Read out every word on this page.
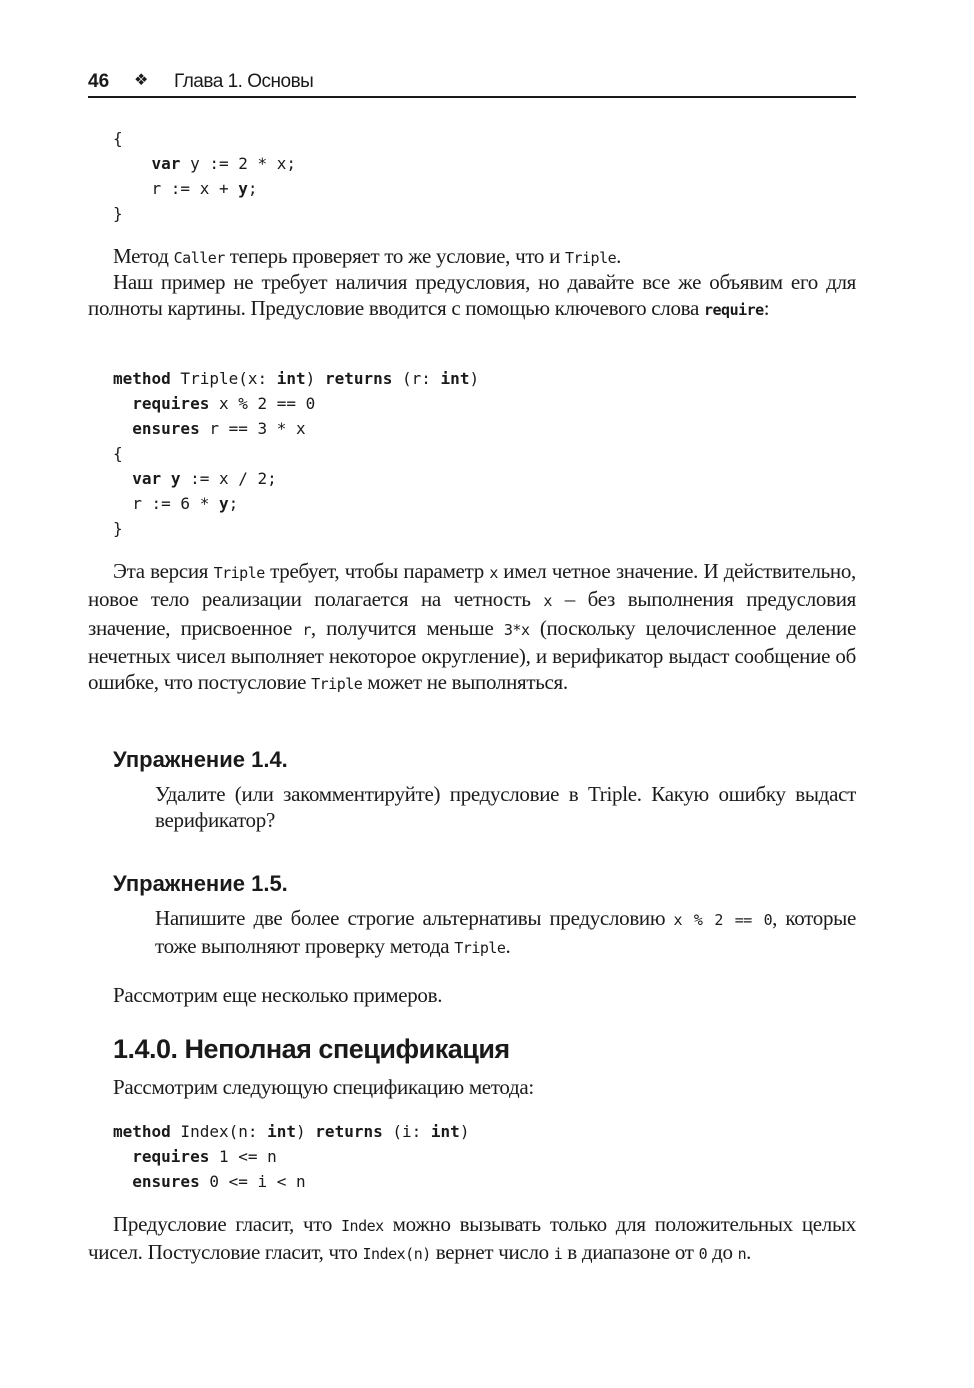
46 ❖ Глава 1. Основы
{
var y := 2 * x;
r := x + y;
}
Метод Caller теперь проверяет то же условие, что и Triple.
Наш пример не требует наличия предусловия, но давайте все же объявим его для полноты картины. Предусловие вводится с помощью ключевого слова require:
method Triple(x: int) returns (r: int)
requires x % 2 == 0
ensures r == 3 * x
{
var y := x / 2;
r := 6 * y;
}
Эта версия Triple требует, чтобы параметр x имел четное значение. И действительно, новое тело реализации полагается на четность x – без выполнения предусловия значение, присвоенное r, получится меньше 3*x (поскольку целочисленное деление нечетных чисел выполняет некоторое округление), и верификатор выдаст сообщение об ошибке, что постусловие Triple может не выполняться.
Упражнение 1.4.
Удалите (или закомментируйте) предусловие в Triple. Какую ошибку выдаст верификатор?
Упражнение 1.5.
Напишите две более строгие альтернативы предусловию x % 2 == 0, которые тоже выполняют проверку метода Triple.
Рассмотрим еще несколько примеров.
1.4.0. Неполная спецификация
Рассмотрим следующую спецификацию метода:
method Index(n: int) returns (i: int)
requires 1 <= n
ensures 0 <= i < n
Предусловие гласит, что Index можно вызывать только для положительных целых чисел. Постусловие гласит, что Index(n) вернет число i в диапазоне от 0 до n.
